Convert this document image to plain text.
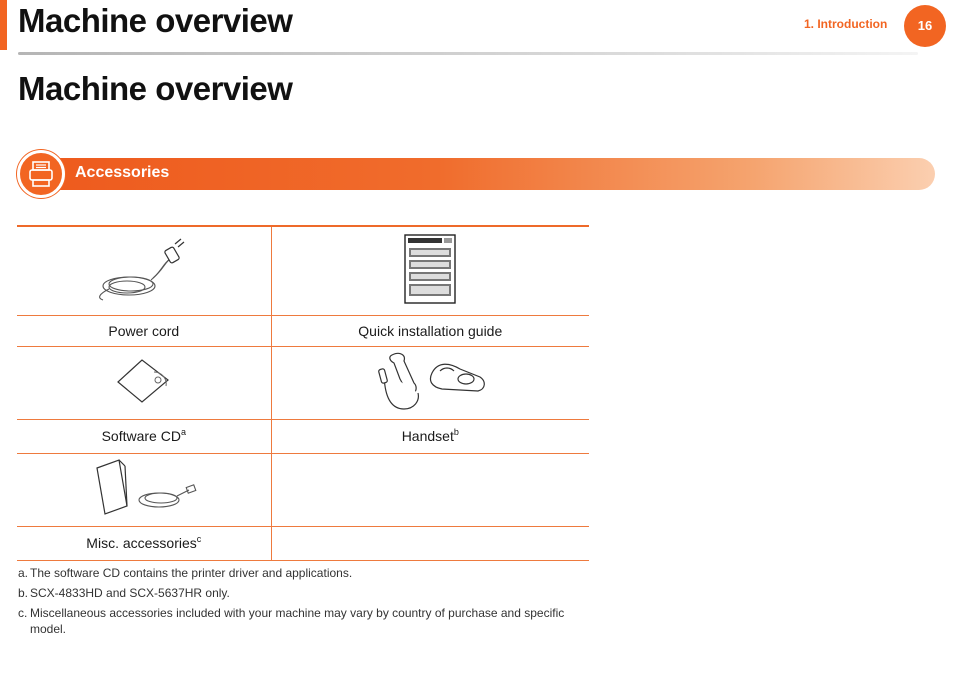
Machine overview	1. Introduction	16
Machine overview
Accessories

Power cord	Quick installation guide

Software $CD^a$	Handset$^b$

Misc. accessories$^c$	
a. The software CD contains the printer driver and applications.
b. SCX-4833HD and SCX-5637HR only.
c. Miscellaneous accessories included with your machine may vary by country of purchase and specific model.
